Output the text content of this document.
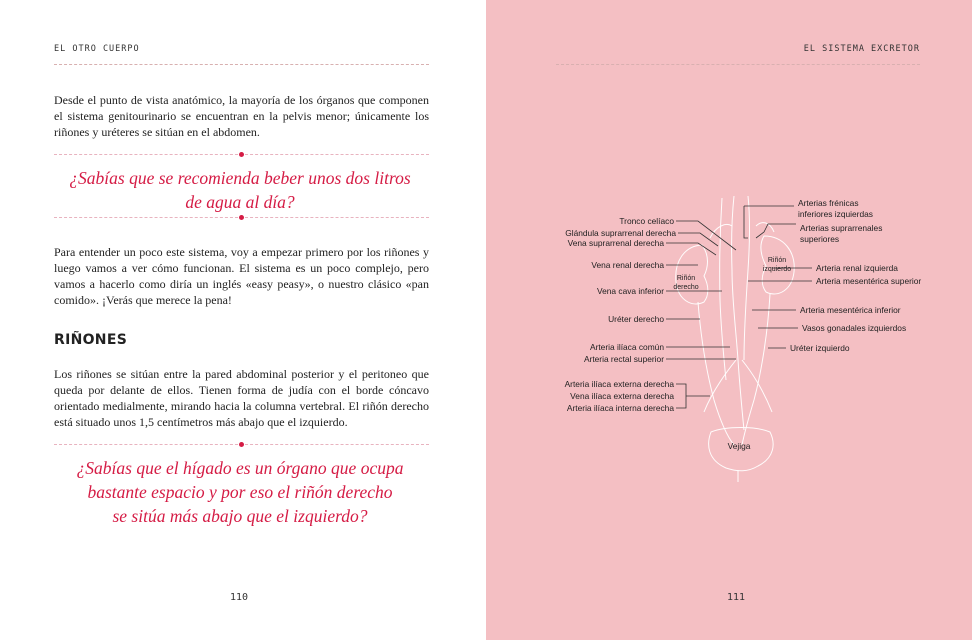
EL OTRO CUERPO

Desde el punto de vista anatómico, la mayoría de los órganos que componen el sistema genitourinario se encuentran en la pelvis menor; únicamente los riñones y uréteres se sitúan en el abdomen.

¿Sabías que se recomienda beber unos dos litros
de agua al día?

Para entender un poco este sistema, voy a empezar primero por los riñones y luego vamos a ver cómo funcionan. El sistema es un poco complejo, pero vamos a hacerlo como diría un inglés «easy peasy», o nuestro clásico «pan comido». ¡Verás que merece la pena!

RIÑONES

Los riñones se sitúan entre la pared abdominal posterior y el peritoneo que queda por delante de ellos. Tienen forma de judía con el borde cóncavo orientado medialmente, mirando hacia la columna vertebral. El riñón derecho está situado unos 1,5 centímetros más abajo que el izquierdo.

¿Sabías que el hígado es un órgano que ocupa
bastante espacio y por eso el riñón derecho
se sitúa más abajo que el izquierdo?
110
EL SISTEMA EXCRETOR
Tronco celíaco
Glándula suprarrenal derecha
Vena suprarrenal derecha
Vena renal derecha
Vena cava inferior
Uréter derecho
Arteria ilíaca común
Arteria rectal superior
Arteria ilíaca externa derecha
Vena ilíaca externa derecha
Arteria ilíaca interna derecha
Arterias frénicas
inferiores izquierdas
Arterias suprarrenales
superiores
Arteria renal izquierda
Arteria mesentérica superior
Arteria mesentérica inferior
Vasos gonadales izquierdos
Uréter izquierdo
Riñón
derecho
Riñón
izquierdo
Vejiga
111
